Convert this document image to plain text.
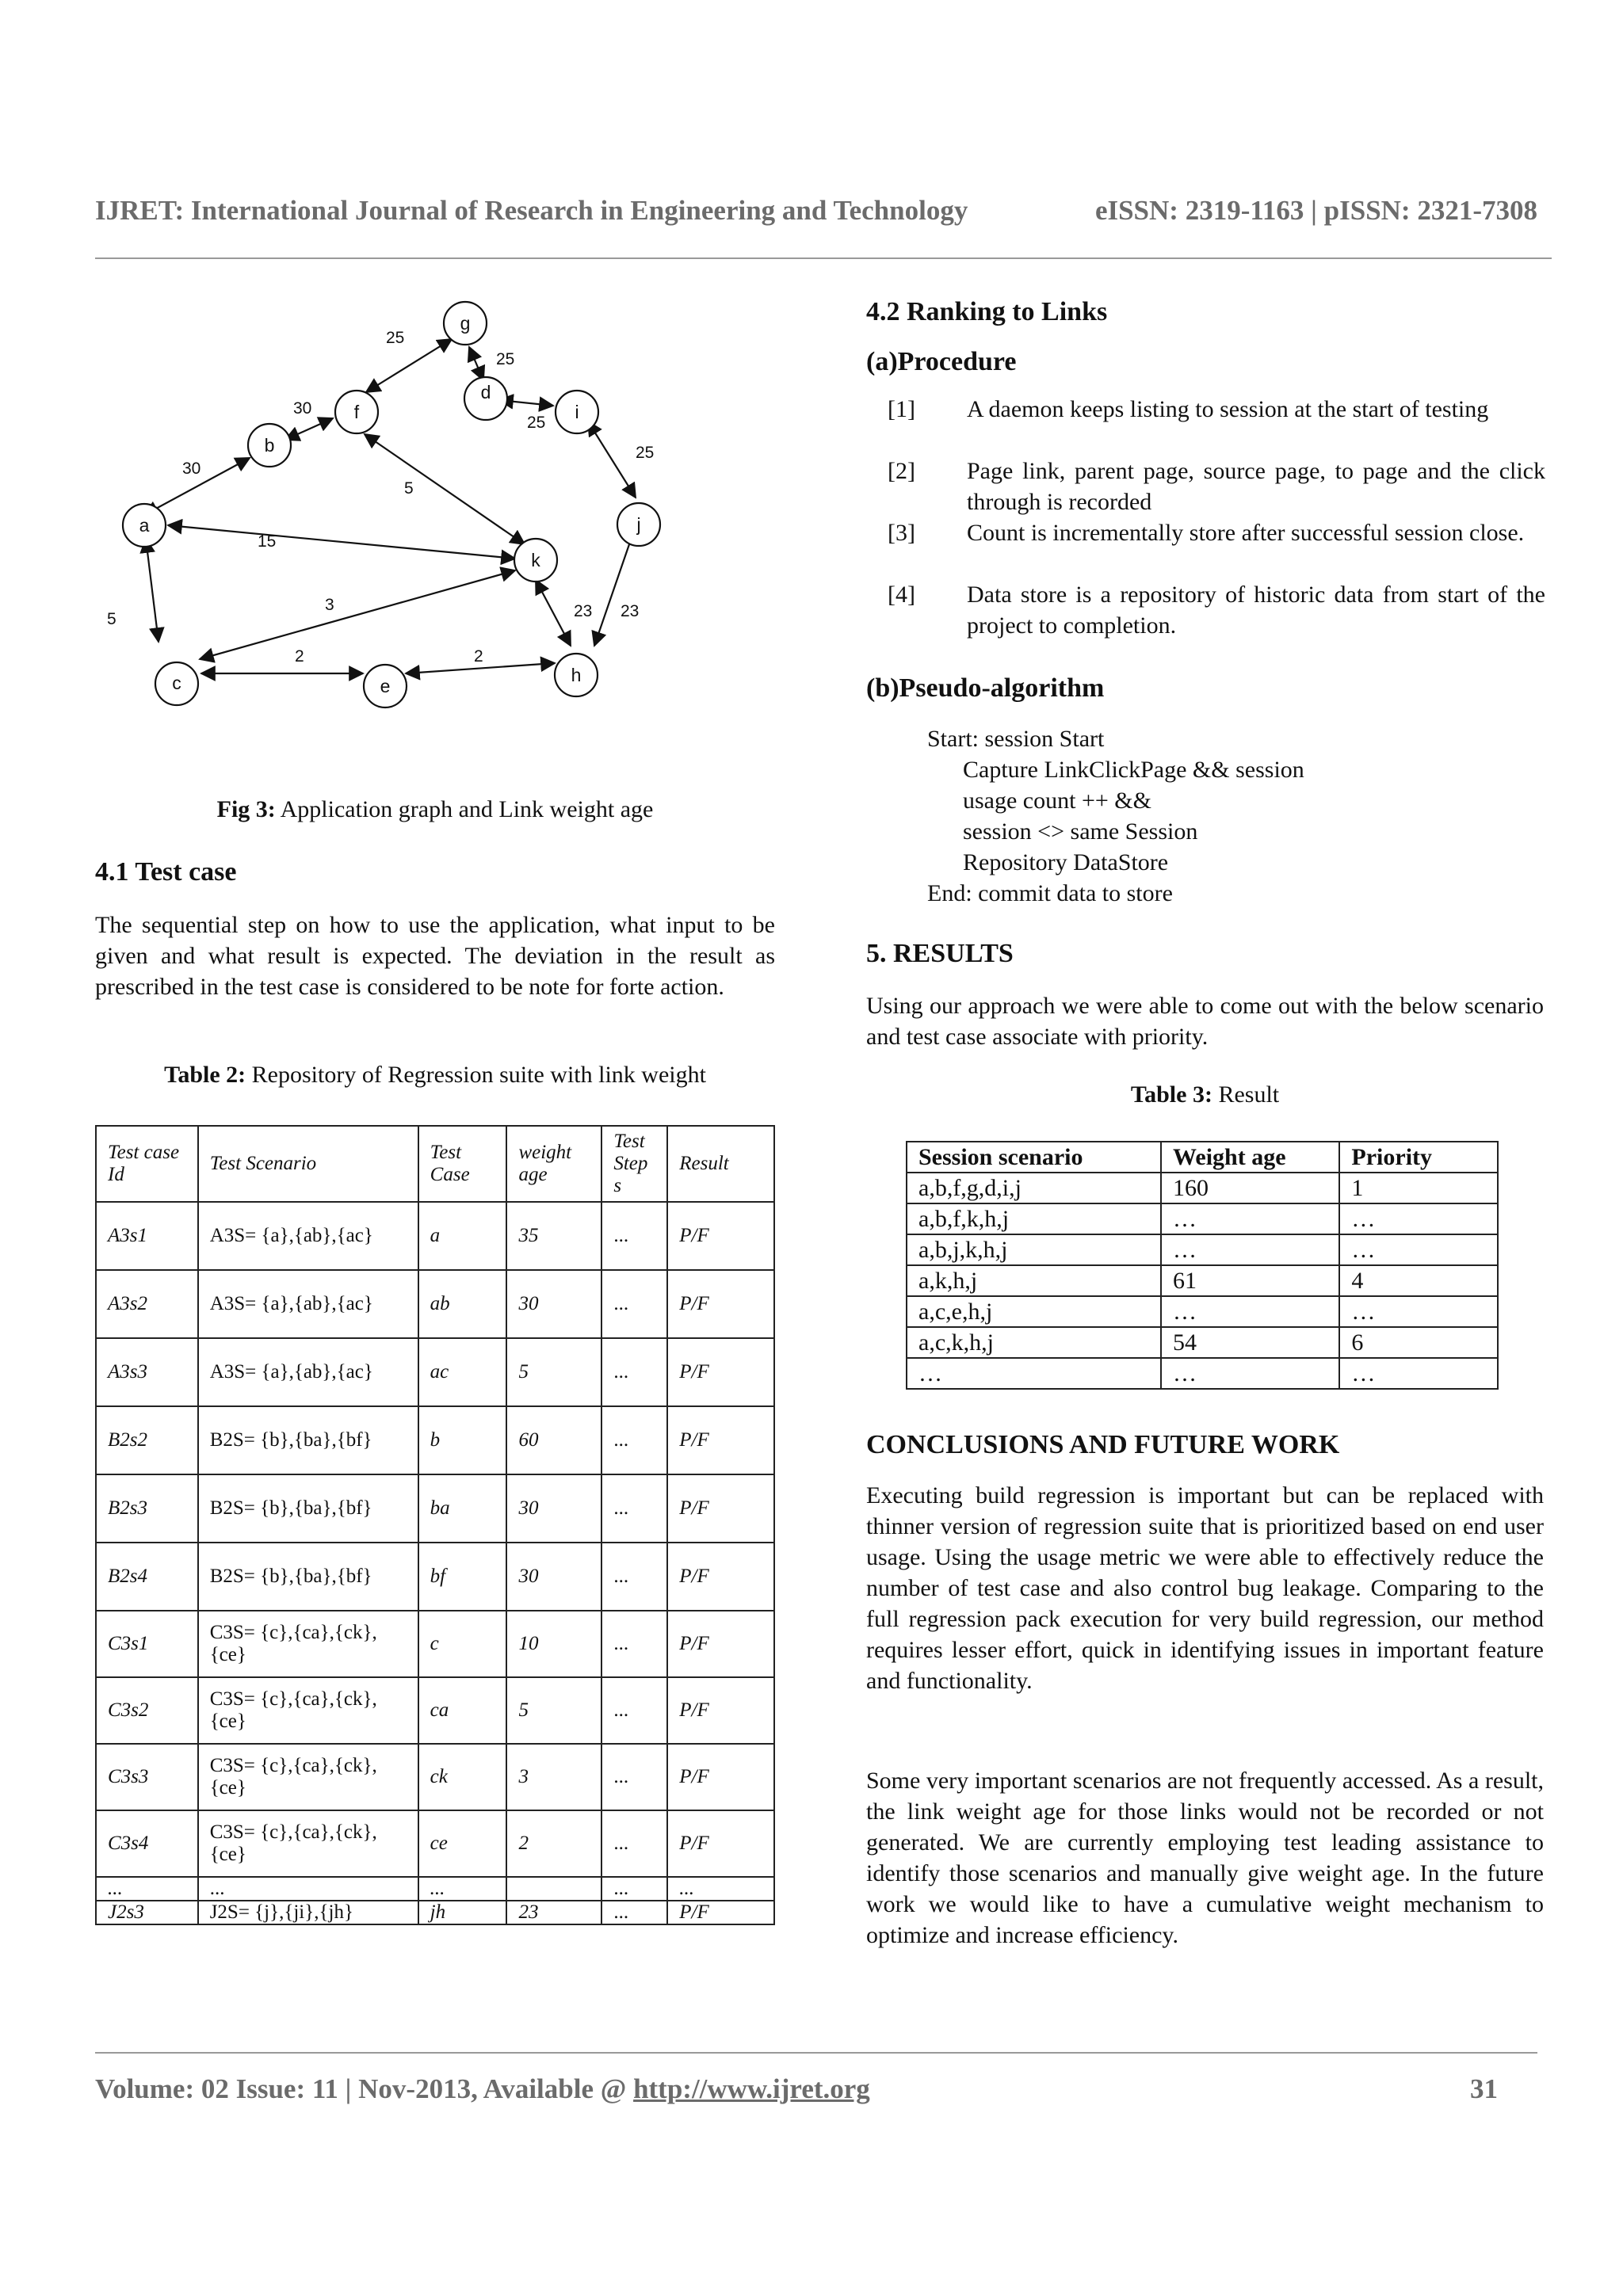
IJRET: International Journal of Research in Engineering and Technology	eISSN: 2319-1163 | pISSN: 2321-7308
a
b
c
d
e
f
g
h
i
j
k
30
30
25
25
25
25
5
15
3
5
2	2
23 23
Fig 3: Application graph and Link weight age
4.1 Test case

The sequential step on how to use the application, what input to be given and what result is expected. The deviation in the result as prescribed in the test case is considered to be note for forte action.

Table 2: Repository of Regression suite with link weight
Test case Id	Test Scenario	Test Case	weight age	Test Step s	Result
A3s1	A3S= {a},{ab},{ac}	a	35	...	P/F
A3s2	A3S= {a},{ab},{ac}	ab	30	...	P/F
A3s3	A3S= {a},{ab},{ac}	ac	5	...	P/F
B2s2	B2S= {b},{ba},{bf}	b	60	...	P/F
B2s3	B2S= {b},{ba},{bf}	ba	30	...	P/F
B2s4	B2S= {b},{ba},{bf}	bf	30	...	P/F
C3s1	C3S= {c},{ca},{ck},{ce}	c	10	...	P/F
C3s2	C3S= {c},{ca},{ck},{ce}	ca	5	...	P/F
C3s3	C3S= {c},{ca},{ck},{ce}	ck	3	...	P/F
C3s4	C3S= {c},{ca},{ck},{ce}	ce	2	...	P/F
...	...	...		...	...
J2s3	J2S= {j},{ji},{jh}	jh	23	...	P/F
4.2 Ranking to Links
(a)Procedure
[1] A daemon keeps listing to session at the start of testing
[2] Page link, parent page, source page, to page and the click through is recorded
[3] Count is incrementally store after successful session close.
[4] Data store is a repository of historic data from start of the project to completion.
(b)Pseudo-algorithm
Start: session Start
Capture LinkClickPage && session
usage count ++ &&
session <> same Session
Repository DataStore
End: commit data to store
5. RESULTS

Using our approach we were able to come out with the below scenario and test case associate with priority.

Table 3: Result
Session scenario	Weight age	Priority
a,b,f,g,d,i,j	160	1
a,b,f,k,h,j	…	…
a,b,j,k,h,j	…	…
a,k,h,j	61	4
a,c,e,h,j	…	…
a,c,k,h,j	54	6
…	…	…
CONCLUSIONS AND FUTURE WORK

Executing build regression is important but can be replaced with thinner version of regression suite that is prioritized based on end user usage. Using the usage metric we were able to effectively reduce the number of test case and also control bug leakage. Comparing to the full regression pack execution for very build regression, our method requires lesser effort, quick in identifying issues in important feature and functionality.

Some very important scenarios are not frequently accessed. As a result, the link weight age for those links would not be recorded or not generated. We are currently employing test leading assistance to identify those scenarios and manually give weight age. In the future work we would like to have a cumulative weight mechanism to optimize and increase efficiency.

Volume: 02 Issue: 11 | Nov-2013, Available @ http://www.ijret.org	31
